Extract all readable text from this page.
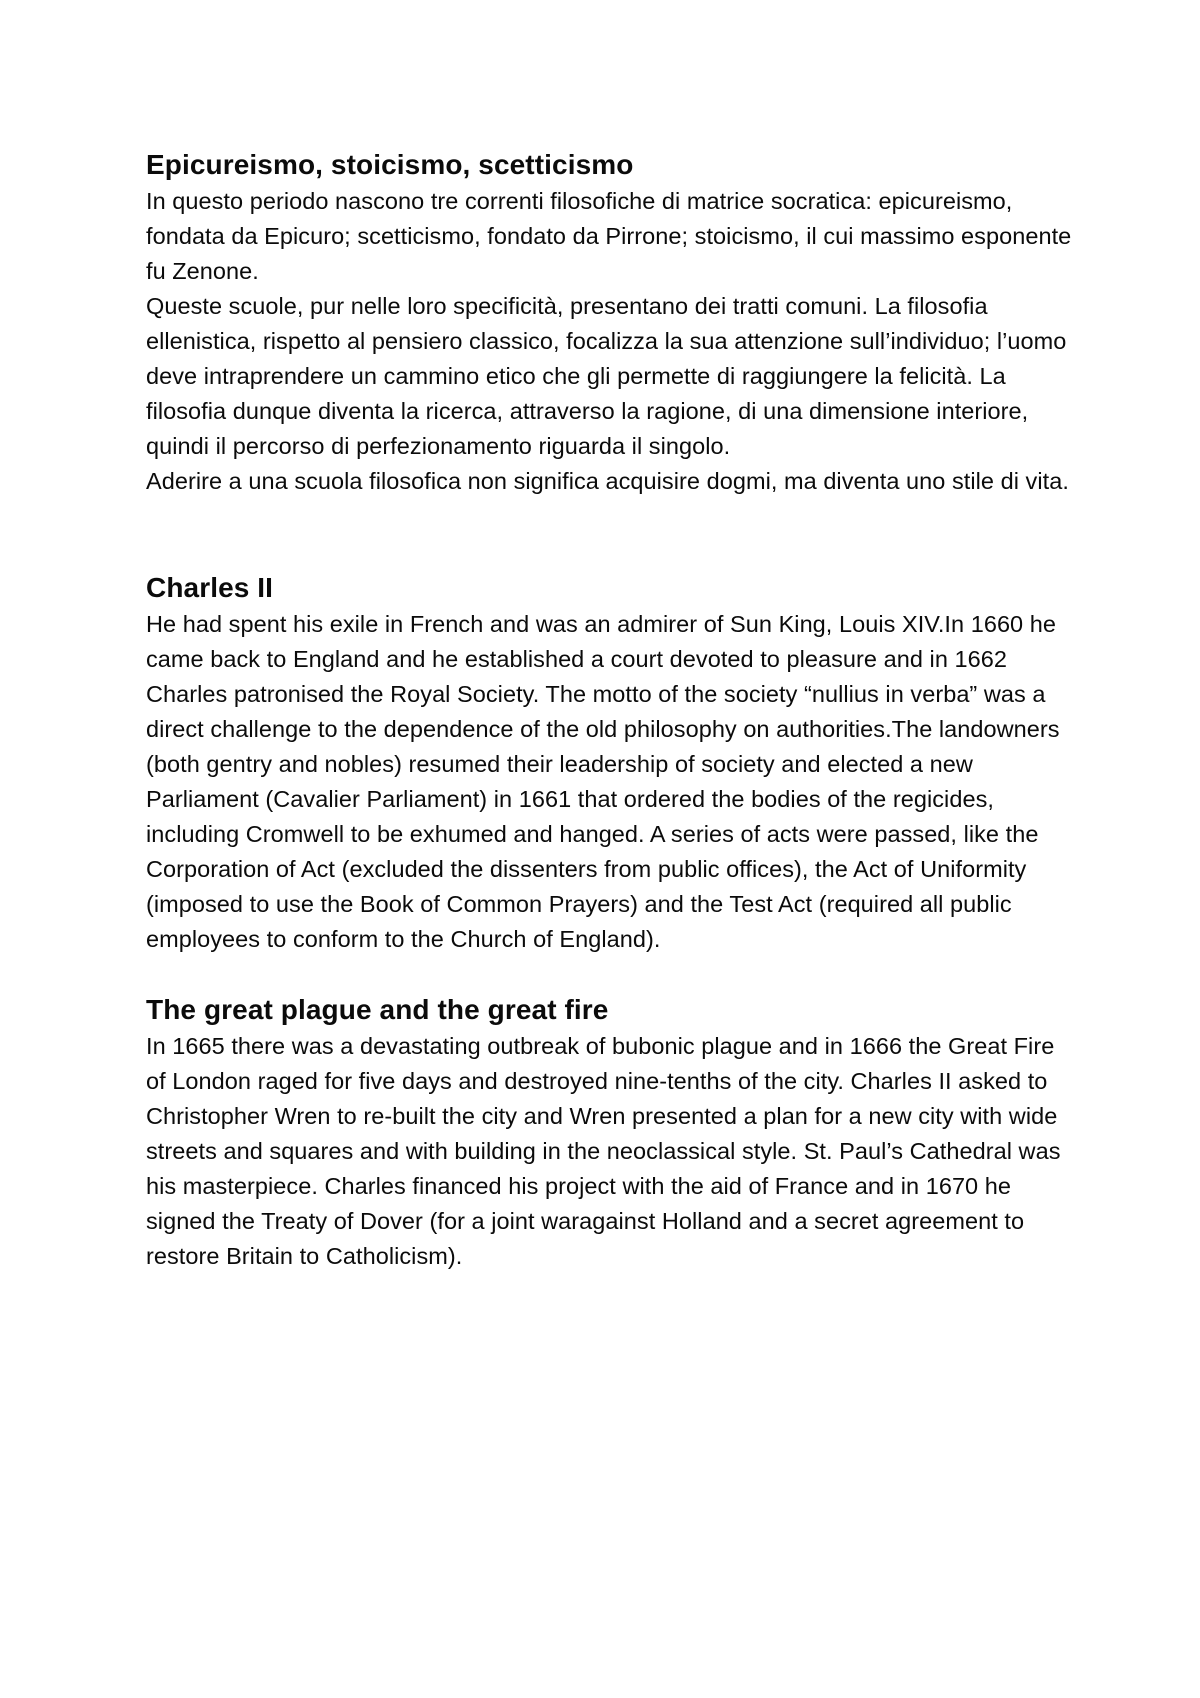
Epicureismo, stoicismo, scetticismo

In questo periodo nascono tre correnti filosofiche di matrice socratica: epicureismo, fondata da Epicuro; scetticismo, fondato da Pirrone; stoicismo, il cui massimo esponente fu Zenone.

Queste scuole, pur nelle loro specificità, presentano dei tratti comuni. La filosofia ellenistica, rispetto al pensiero classico, focalizza la sua attenzione sull’individuo; l’uomo deve intraprendere un cammino etico che gli permette di raggiungere la felicità. La filosofia dunque diventa la ricerca, attraverso la ragione, di una dimensione interiore, quindi il percorso di perfezionamento riguarda il singolo.

Aderire a una scuola filosofica non significa acquisire dogmi, ma diventa uno stile di vita.

Charles II

He had spent his exile in French and was an admirer of Sun King, Louis XIV.In 1660 he came back to England and he established a court devoted to pleasure and in 1662 Charles patronised the Royal Society. The motto of the society “nullius in verba” was a direct challenge to the dependence of the old philosophy on authorities.The landowners (both gentry and nobles) resumed their leadership of society and elected a new Parliament (Cavalier Parliament) in 1661 that ordered the bodies of the regicides, including Cromwell to be exhumed and hanged. A series of acts were passed, like the Corporation of Act (excluded the dissenters from public offices), the Act of Uniformity (imposed to use the Book of Common Prayers) and the Test Act (required all public employees to conform to the Church of England).

The great plague and the great fire

In 1665 there was a devastating outbreak of bubonic plague and in 1666 the Great Fire of London raged for five days and destroyed nine-tenths of the city. Charles II asked to Christopher Wren to re-built the city and Wren presented a plan for a new city with wide streets and squares and with building in the neoclassical style. St. Paul’s Cathedral was his masterpiece. Charles financed his project with the aid of France and in 1670 he signed the Treaty of Dover (for a joint waragainst Holland and a secret agreement to restore Britain to Catholicism).
